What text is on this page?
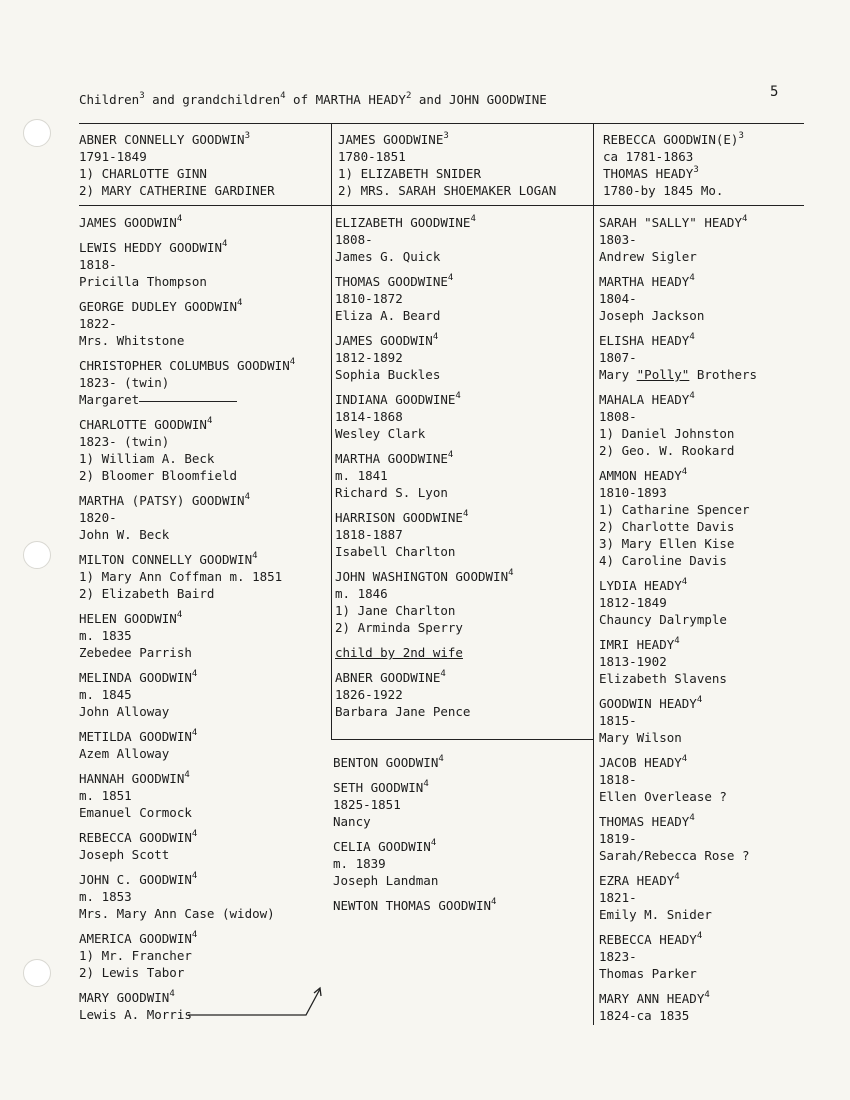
5
Children$^3$ and grandchildren$^4$ of MARTHA HEADY$^2$ and JOHN GOODWINE
ABNER CONNELLY GOODWIN$^3$
1791-1849
1) CHARLOTTE GINN
2) MARY CATHERINE GARDINER
JAMES GOODWINE$^3$
1780-1851
1) ELIZABETH SNIDER
2) MRS. SARAH SHOEMAKER LOGAN
REBECCA $GOODWIN(E)^3$
ca 1781-1863
THOMAS HEADY$^3$
1780-by 1845 Mo.
JAMES GOODWIN$^4$
LEWIS HEDDY GOODWIN$^4$
1818-
Pricilla Thompson
GEORGE DUDLEY GOODWIN$^4$
1822-
Mrs. Whitstone
CHRISTOPHER COLUMBUS GOODWIN$^4$
1823- (twin)
Margaret
CHARLOTTE GOODWIN$^4$
1823- (twin)
1) William A. Beck
2) Bloomer Bloomfield
MARTHA (PATSY) GOODWIN$^4$
1820-
John W. Beck
MILTON CONNELLY GOODWIN$^4$
1) Mary Ann Coffman m. 1851
2) Elizabeth Baird
HELEN GOODWIN$^4$
m. 1835
Zebedee Parrish
MELINDA GOODWIN$^4$
m. 1845
John Alloway
METILDA GOODWIN$^4$
Azem Alloway
HANNAH GOODWIN$^4$
m. 1851
Emanuel Cormock
REBECCA GOODWIN$^4$
Joseph Scott
JOHN C. GOODWIN$^4$
m. 1853
Mrs. Mary Ann Case (widow)
AMERICA GOODWIN$^4$
1) Mr. Francher
2) Lewis Tabor
MARY GOODWIN$^4$
Lewis A. Morris
ELIZABETH GOODWINE$^4$
1808-
James G. Quick
THOMAS GOODWINE$^4$
1810-1872
Eliza A. Beard
JAMES GOODWIN$^4$
1812-1892
Sophia Buckles
INDIANA GOODWINE$^4$
1814-1868
Wesley Clark
MARTHA GOODWINE$^4$
m. 1841
Richard S. Lyon
HARRISON GOODWINE$^4$
1818-1887
Isabell Charlton
JOHN WASHINGTON GOODWIN$^4$
m. 1846
1) Jane Charlton
2) Arminda Sperry
child by 2nd wife
ABNER GOODWINE$^4$
1826-1922
Barbara Jane Pence
BENTON GOODWIN$^4$
SETH GOODWIN$^4$
1825-1851
Nancy
CELIA GOODWIN$^4$
m. 1839
Joseph Landman
NEWTON THOMAS GOODWIN$^4$
SARAH "SALLY" HEADY$^4$
1803-
Andrew Sigler
MARTHA HEADY$^4$
1804-
Joseph Jackson
ELISHA HEADY$^4$
1807-
Mary "Polly" Brothers
MAHALA HEADY$^4$
1808-
1) Daniel Johnston
2) Geo. W. Rookard
AMMON HEADY$^4$
1810-1893
1) Catharine Spencer
2) Charlotte Davis
3) Mary Ellen Kise
4) Caroline Davis
LYDIA HEADY$^4$
1812-1849
Chauncy Dalrymple
IMRI HEADY$^4$
1813-1902
Elizabeth Slavens
GOODWIN HEADY$^4$
1815-
Mary Wilson
JACOB HEADY$^4$
1818-
Ellen Overlease ?
THOMAS HEADY$^4$
1819-
Sarah/Rebecca Rose ?
EZRA HEADY$^4$
1821-
Emily M. Snider
REBECCA HEADY$^4$
1823-
Thomas Parker
MARY ANN HEADY$^4$
1824-ca 1835
